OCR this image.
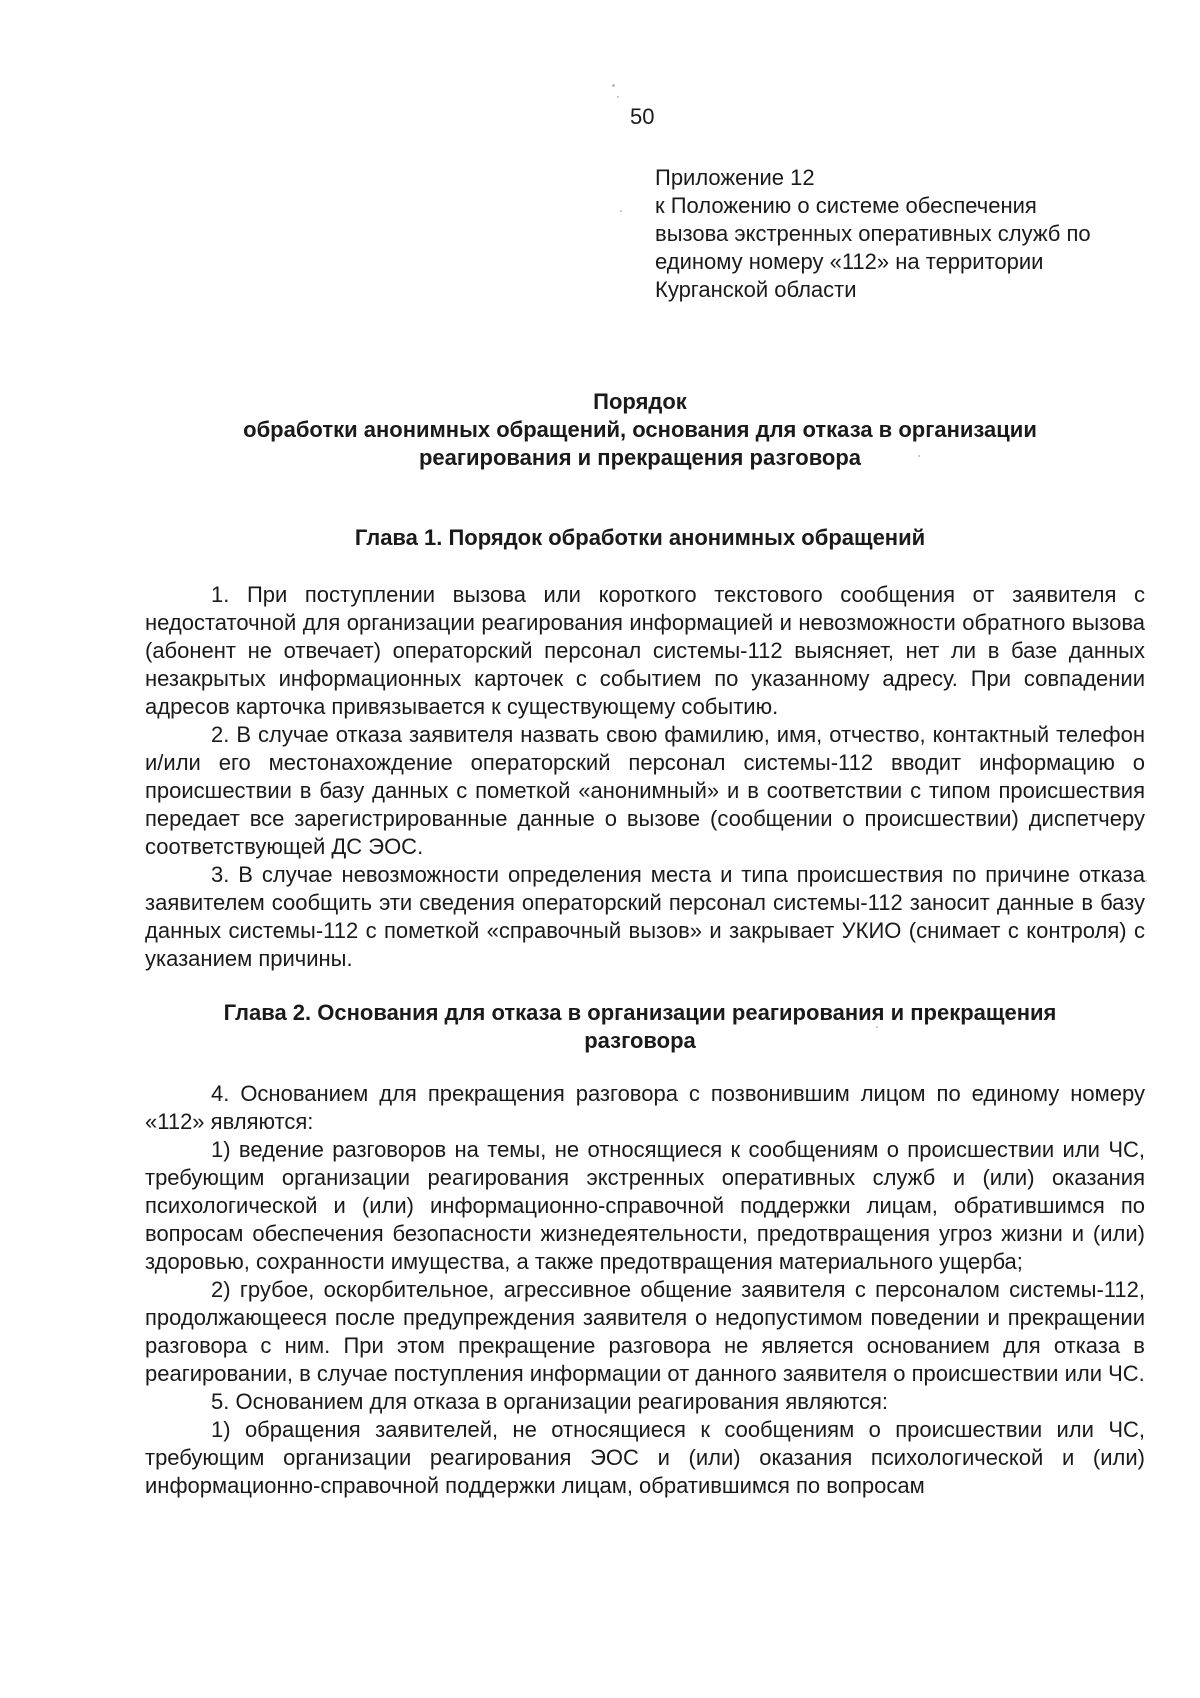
50
Приложение 12
к Положению о системе обеспечения
вызова экстренных оперативных служб по
единому номеру «112» на территории
Курганской области
Порядок
обработки анонимных обращений, основания для отказа в организации
реагирования и прекращения разговора
Глава 1. Порядок обработки анонимных обращений

1. При поступлении вызова или короткого текстового сообщения от заявителя с недостаточной для организации реагирования информацией и невозможности обратного вызова (абонент не отвечает) операторский персонал системы-112 выясняет, нет ли в базе данных незакрытых информационных карточек с событием по указанному адресу. При совпадении адресов карточка привязывается к существующему событию.

2. В случае отказа заявителя назвать свою фамилию, имя, отчество, контактный телефон и/или его местонахождение операторский персонал системы-112 вводит информацию о происшествии в базу данных с пометкой «анонимный» и в соответствии с типом происшествия передает все зарегистрированные данные о вызове (сообщении о происшествии) диспетчеру соответствующей ДС ЭОС.

3. В случае невозможности определения места и типа происшествия по причине отказа заявителем сообщить эти сведения операторский персонал системы-112 заносит данные в базу данных системы-112 с пометкой «справочный вызов» и закрывает УКИО (снимает с контроля) с указанием причины.

Глава 2. Основания для отказа в организации реагирования и прекращения
разговора

4. Основанием для прекращения разговора с позвонившим лицом по единому номеру «112» являются:

1) ведение разговоров на темы, не относящиеся к сообщениям о происшествии или ЧС, требующим организации реагирования экстренных оперативных служб и (или) оказания психологической и (или) информационно-справочной поддержки лицам, обратившимся по вопросам обеспечения безопасности жизнедеятельности, предотвращения угроз жизни и (или) здоровью, сохранности имущества, а также предотвращения материального ущерба;

2) грубое, оскорбительное, агрессивное общение заявителя с персоналом системы-112, продолжающееся после предупреждения заявителя о недопустимом поведении и прекращении разговора с ним. При этом прекращение разговора не является основанием для отказа в реагировании, в случае поступления информации от данного заявителя о происшествии или ЧС.

5. Основанием для отказа в организации реагирования являются:

1) обращения заявителей, не относящиеся к сообщениям о происшествии или ЧС, требующим организации реагирования ЭОС и (или) оказания психологической и (или) информационно-справочной поддержки лицам, обратившимся по вопросам
